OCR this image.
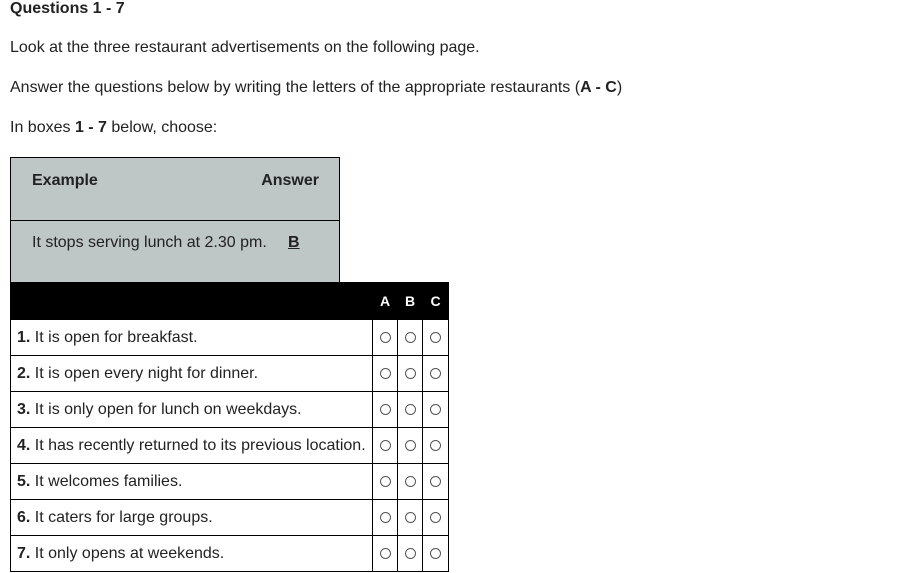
Questions 1 - 7
Look at the three restaurant advertisements on the following page.
Answer the questions below by writing the letters of the appropriate restaurants (A - C)
In boxes 1 - 7 below, choose:
Example	Answer
It stops serving lunch at 2.30 pm. B
	A	B	C
1. It is open for breakfast.			
2. It is open every night for dinner.			
3. It is only open for lunch on weekdays.			
4. It has recently returned to its previous location.			
5. It welcomes families.			
6. It caters for large groups.			
7. It only opens at weekends.			
